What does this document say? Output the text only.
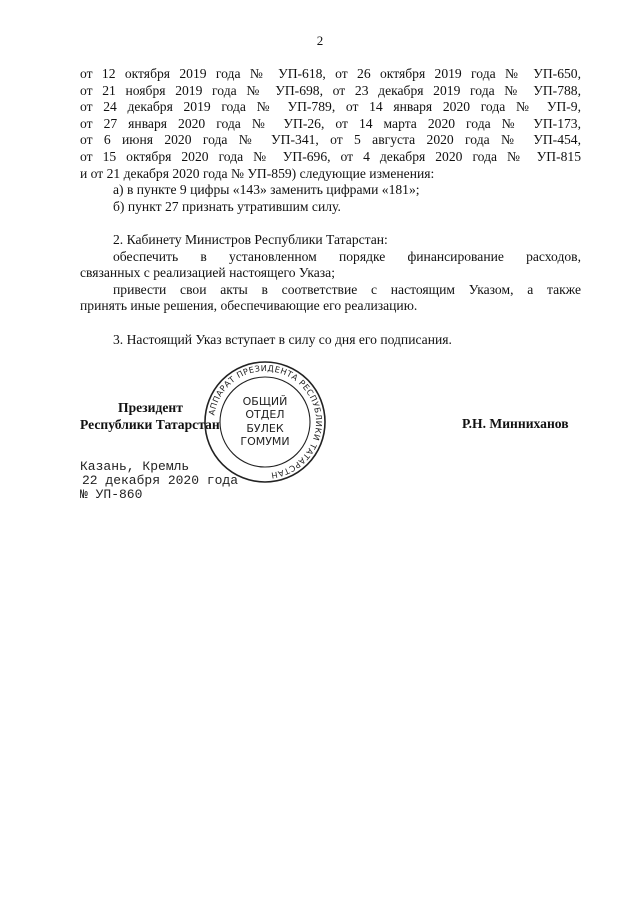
2
от 12 октября 2019 года № УП-618, от 26 октября 2019 года № УП-650,
от 21 ноября 2019 года № УП-698, от 23 декабря 2019 года № УП-788,
от 24 декабря 2019 года № УП-789, от 14 января 2020 года № УП-9,
от 27 января 2020 года № УП-26, от 14 марта 2020 года № УП-173,
от 6 июня 2020 года № УП-341, от 5 августа 2020 года № УП-454,
от 15 октября 2020 года № УП-696, от 4 декабря 2020 года № УП-815
и от 21 декабря 2020 года № УП-859) следующие изменения:
а) в пункте 9 цифры «143» заменить цифрами «181»;
б) пункт 27 признать утратившим силу.
2. Кабинету Министров Республики Татарстан:
обеспечить в установленном порядке финансирование расходов,
связанных с реализацией настоящего Указа;
привести свои акты в соответствие с настоящим Указом, а также
принять иные решения, обеспечивающие его реализацию.
3. Настоящий Указ вступает в силу со дня его подписания.
Президент
Республики Татарстан
АППАРАТ ПРЕЗИДЕНТА РЕСПУБЛИКИ ТАТАРСТАН
ОБЩИЙ
ОТДЕЛ
БУЛЕК
ГОМУМИ
Р.Н. Минниханов
Казань, Кремль
22 декабря 2020 года
№ УП-860
